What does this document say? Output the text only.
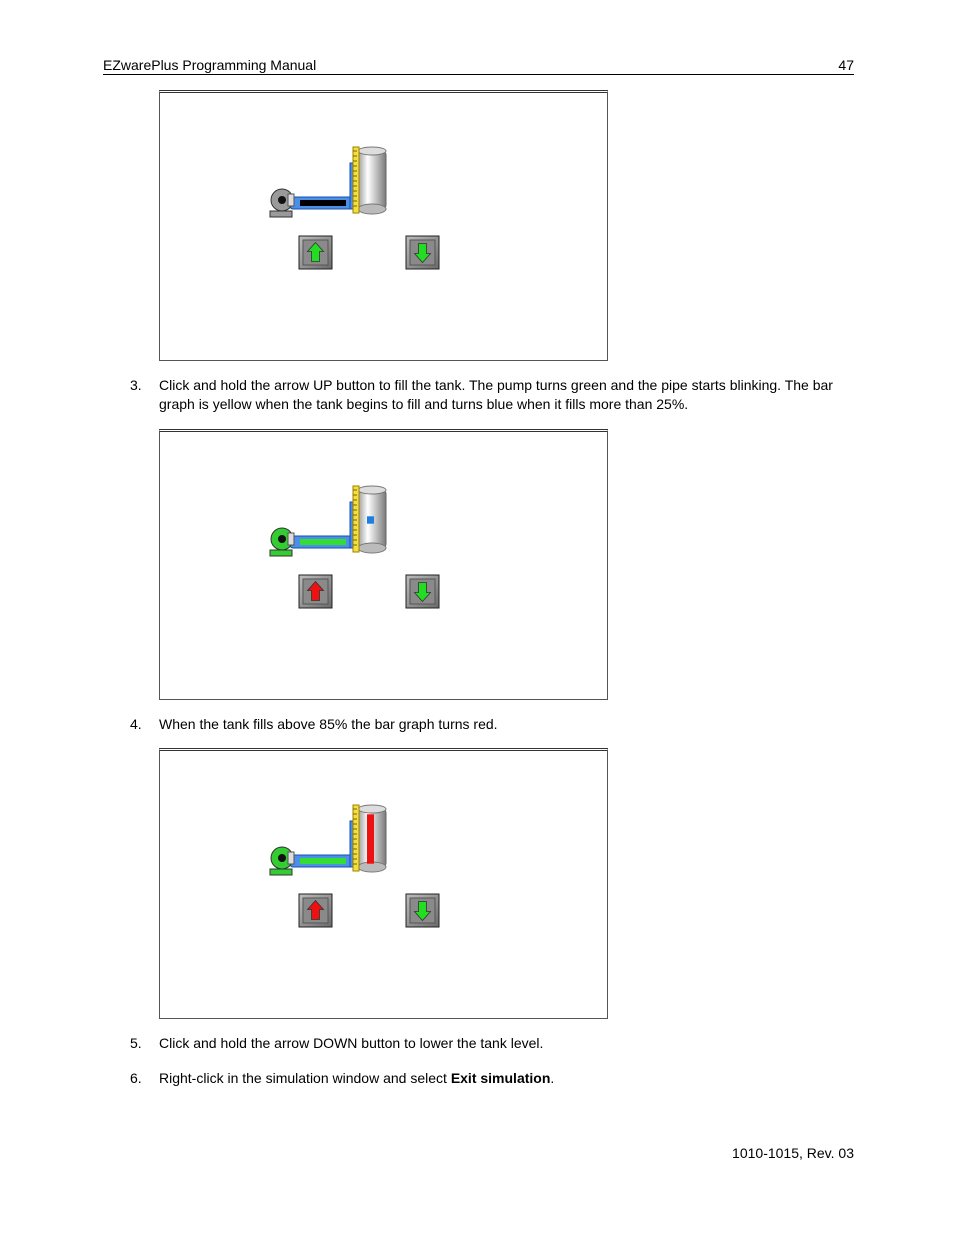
EZwarePlus Programming Manual	47
3. Click and hold the arrow UP button to fill the tank. The pump turns green and the pipe starts blinking. The bar graph is yellow when the tank begins to fill and turns blue when it fills more than 25%.
4. When the tank fills above 85% the bar graph turns red.
5. Click and hold the arrow DOWN button to lower the tank level.
6. Right-click in the simulation window and select Exit simulation.
1010-1015, Rev. 03
